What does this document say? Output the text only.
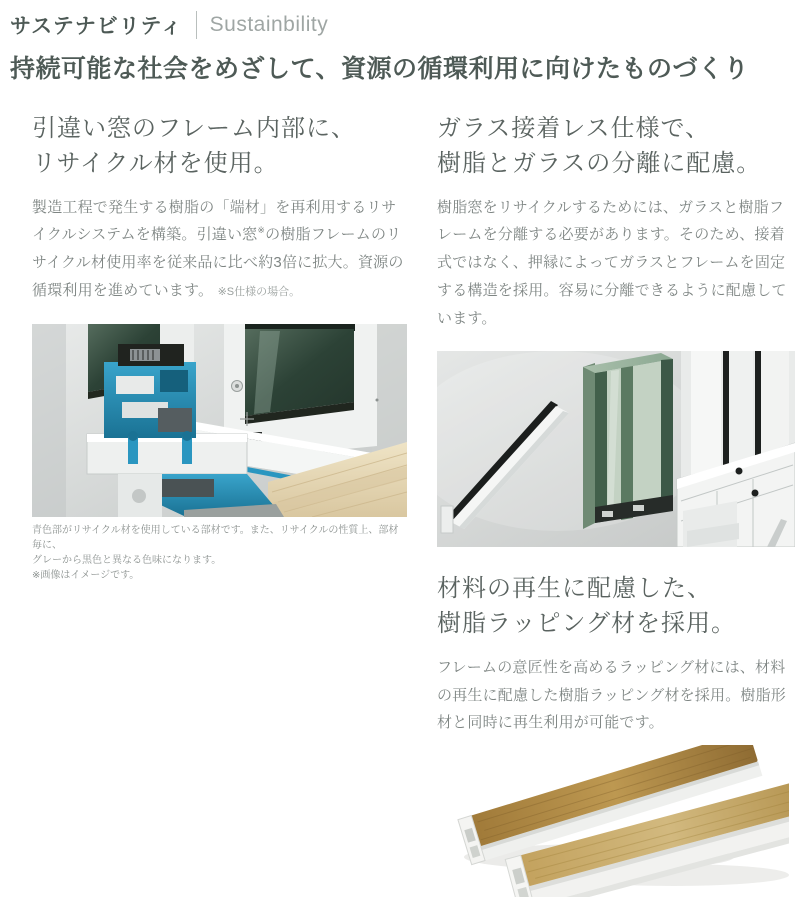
サステナビリティ Sustainbility
持続可能な社会をめざして、資源の循環利用に向けたものづくり
引違い窓のフレーム内部に、
リサイクル材を使用。

製造工程で発生する樹脂の「端材」を再利用するリサイクルシステムを構築。引違い窓※の樹脂フレームのリサイクル材使用率を従来品に比べ約3倍に拡大。資源の循環利用を進めています。 ※S仕様の場合。

青色部がリサイクル材を使用している部材です。また、リサイクルの性質上、部材毎に、
グレーから黒色と異なる色味になります。
※画像はイメージです。
ガラス接着レス仕様で、
樹脂とガラスの分離に配慮。

樹脂窓をリサイクルするためには、ガラスと樹脂フレームを分離する必要があります。そのため、接着式ではなく、押縁によってガラスとフレームを固定する構造を採用。容易に分離できるように配慮しています。

材料の再生に配慮した、
樹脂ラッピング材を採用。

フレームの意匠性を高めるラッピング材には、材料の再生に配慮した樹脂ラッピング材を採用。樹脂形材と同時に再生利用が可能です。
